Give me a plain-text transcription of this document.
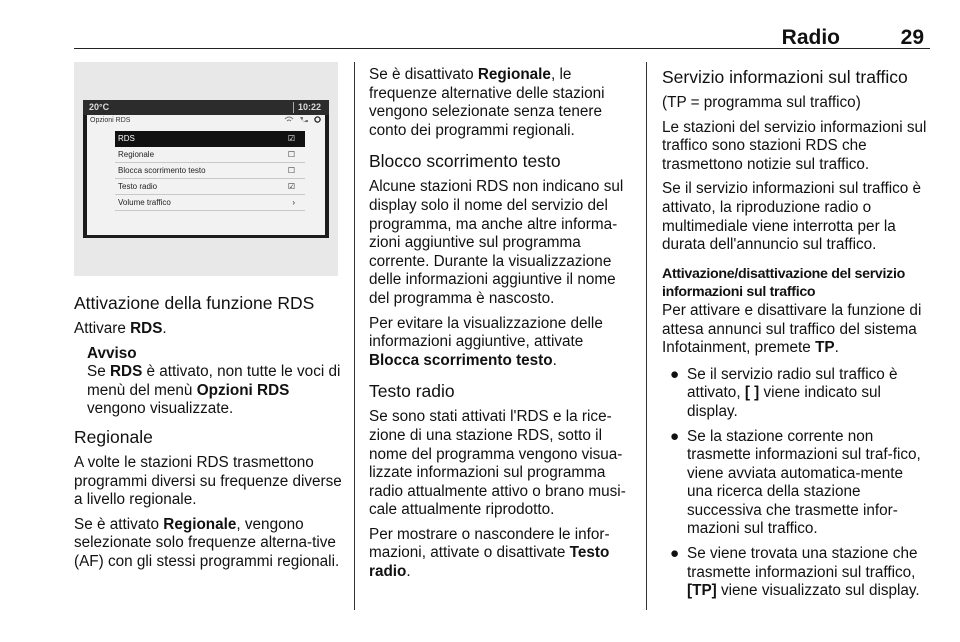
Radio	29
20°C	10:22
Opzioni RDS

RDS	☑
Regionale	☐
Blocca scorrimento testo	☐
Testo radio	☑
Volume traffico	›
Attivazione della funzione RDS

Attivare RDS.

Avviso
Se RDS è attivato, non tutte le voci di menù del menù Opzioni RDS vengono visualizzate.
Regionale

A volte le stazioni RDS trasmettono programmi diversi su frequenze diverse a livello regionale.

Se è attivato Regionale, vengono selezionate solo frequenze alterna-tive (AF) con gli stessi programmi regionali.

Se è disattivato Regionale, le frequenze alternative delle stazioni vengono selezionate senza tenere conto dei programmi regionali.

Blocco scorrimento testo

Alcune stazioni RDS non indicano sul display solo il nome del servizio del programma, ma anche altre informa-zioni aggiuntive sul programma corrente. Durante la visualizzazione delle informazioni aggiuntive il nome del programma è nascosto.

Per evitare la visualizzazione delle informazioni aggiuntive, attivate Blocca scorrimento testo.

Testo radio

Se sono stati attivati l'RDS e la rice-zione di una stazione RDS, sotto il nome del programma vengono visua-lizzate informazioni sul programma radio attualmente attivo o brano musi-cale attualmente riprodotto.

Per mostrare o nascondere le infor-mazioni, attivate o disattivate Testo radio.

Servizio informazioni sul traffico

(TP = programma sul traffico)

Le stazioni del servizio informazioni sul traffico sono stazioni RDS che trasmettono notizie sul traffico.

Se il servizio informazioni sul traffico è attivato, la riproduzione radio o multimediale viene interrotta per la durata dell'annuncio sul traffico.

Attivazione/disattivazione del servizio informazioni sul traffico

Per attivare e disattivare la funzione di attesa annunci sul traffico del sistema Infotainment, premete TP.

● Se il servizio radio sul traffico è attivato, [ ] viene indicato sul display.
● Se la stazione corrente non trasmette informazioni sul traf-fico, viene avviata automatica-mente una ricerca della stazione successiva che trasmette infor-mazioni sul traffico.
● Se viene trovata una stazione che trasmette informazioni sul traffico, [TP] viene visualizzato sul display.
